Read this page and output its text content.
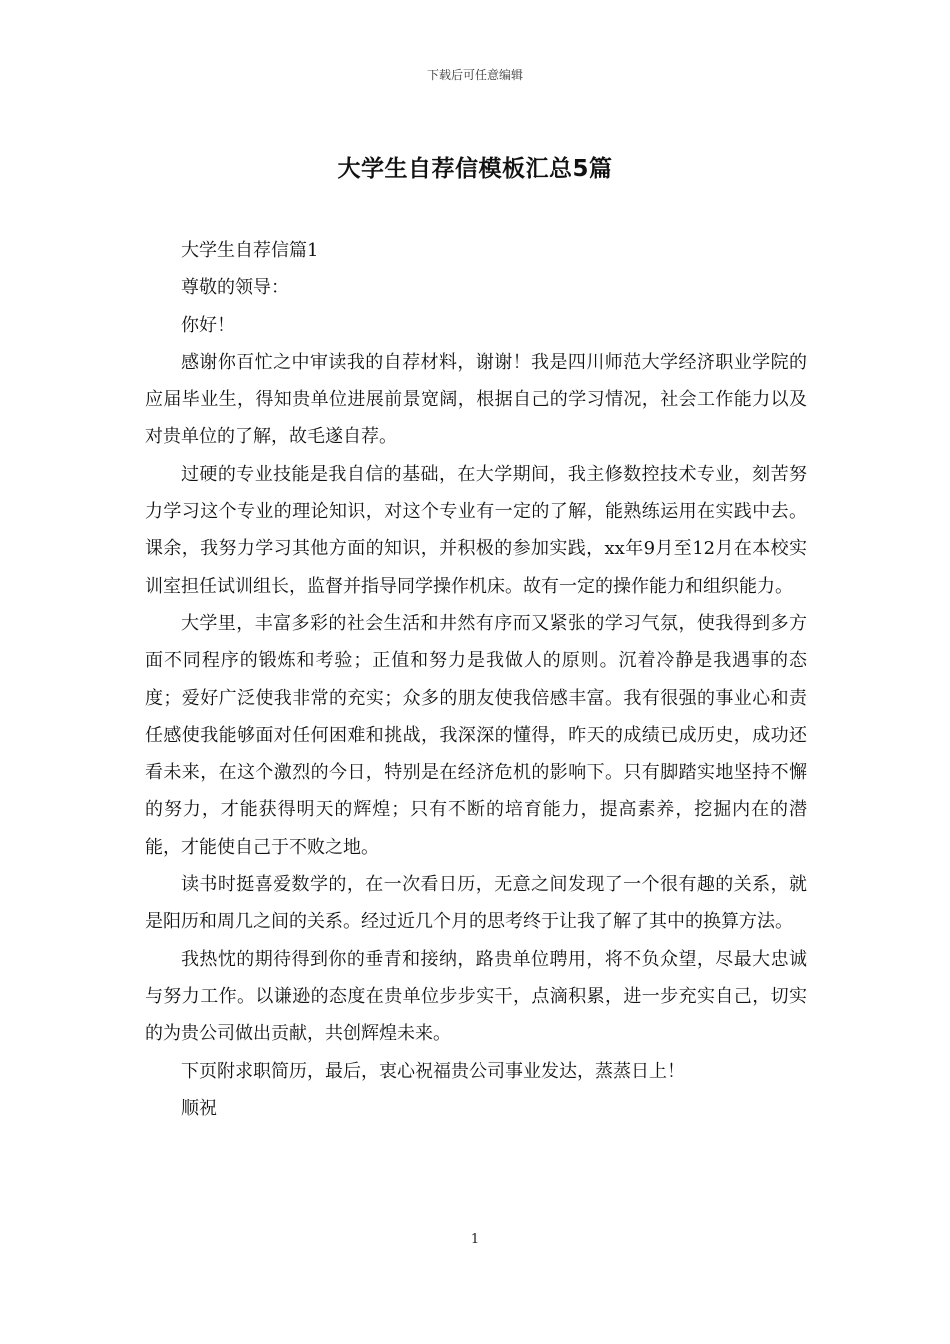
下载后可任意编辑
大学生自荐信模板汇总5篇

大学生自荐信篇1

尊敬的领导：

你好！

感谢你百忙之中审读我的自荐材料，谢谢！我是四川师范大学经济职业学院的应届毕业生，得知贵单位进展前景宽阔，根据自己的学习情况，社会工作能力以及对贵单位的了解，故毛遂自荐。

过硬的专业技能是我自信的基础，在大学期间，我主修数控技术专业，刻苦努力学习这个专业的理论知识，对这个专业有一定的了解，能熟练运用在实践中去。课余，我努力学习其他方面的知识，并积极的参加实践，xx年9月至12月在本校实训室担任试训组长，监督并指导同学操作机床。故有一定的操作能力和组织能力。

大学里，丰富多彩的社会生活和井然有序而又紧张的学习气氛，使我得到多方面不同程序的锻炼和考验；正值和努力是我做人的原则。沉着冷静是我遇事的态度；爱好广泛使我非常的充实；众多的朋友使我倍感丰富。我有很强的事业心和责任感使我能够面对任何困难和挑战，我深深的懂得，昨天的成绩已成历史，成功还看未来，在这个激烈的今日，特别是在经济危机的影响下。只有脚踏实地坚持不懈的努力，才能获得明天的辉煌；只有不断的培育能力，提高素养，挖掘内在的潜能，才能使自己于不败之地。

读书时挺喜爱数学的，在一次看日历，无意之间发现了一个很有趣的关系，就是阳历和周几之间的关系。经过近几个月的思考终于让我了解了其中的换算方法。

我热忱的期待得到你的垂青和接纳，路贵单位聘用，将不负众望，尽最大忠诚与努力工作。以谦逊的态度在贵单位步步实干，点滴积累，进一步充实自己，切实的为贵公司做出贡献，共创辉煌未来。

下页附求职简历，最后，衷心祝福贵公司事业发达，蒸蒸日上！

顺祝

1
